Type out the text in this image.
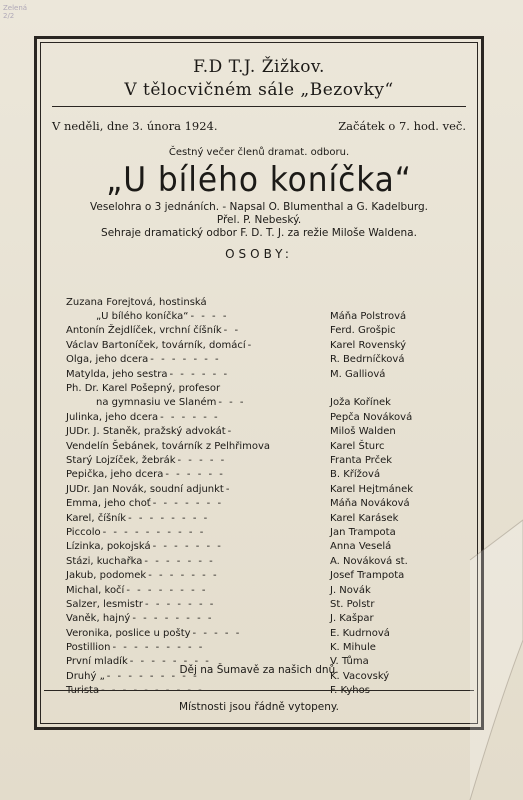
Zelená 2/2
F.D T.J. Žižkov.
V tělocvičném sále „Bezovky“
V neděli, dne 3. února 1924.	Začátek o 7. hod. več.
Čestný večer členů dramat. odboru.
„U bílého koníčka“
Veselohra o 3 jednáních. - Napsal O. Blumenthal a G. Kadelburg.
Přel. P. Nebeský.
Sehraje dramatický odbor F. D. T. J. za režie Miloše Waldena.
OSOBY:
Zuzana Forejtová, hostinská
„U bílého koníčka“ - - - -	Máňa Polstrová
Antonín Žejdlíček, vrchní číšník - -	Ferd. Grošpic
Václav Bartoníček, továrník, domácí -	Karel Rovenský
Olga, jeho dcera - - - - - - -	R. Bedrníčková
Matylda, jeho sestra - - - - - -	M. Galliová
Ph. Dr. Karel Pošepný, profesor
na gymnasiu ve Slaném - - -	Joža Kořínek
Julinka, jeho dcera - - - - - -	Pepča Nováková
JUDr. J. Staněk, pražský advokát -	Miloš Walden
Vendelín Šebánek, továrník z Pelhřimova	Karel Šturc
Starý Lojzíček, žebrák - - - - -	Franta Prček
Pepička, jeho dcera - - - - - -	B. Křížová
JUDr. Jan Novák, soudní adjunkt -	Karel Hejtmánek
Emma, jeho choť - - - - - - -	Máňa Nováková
Karel, číšník - - - - - - - -	Karel Karásek
Piccolo - - - - - - - - - -	Jan Trampota
Lízinka, pokojská - - - - - - -	Anna Veselá
Stázi, kuchařka - - - - - - -	A. Nováková st.
Jakub, podomek - - - - - - -	Josef Trampota
Michal, kočí - - - - - - - -	J. Novák
Salzer, lesmistr - - - - - - -	St. Polstr
Vaněk, hajný - - - - - - - -	J. Kašpar
Veronika, poslice u pošty - - - - -	E. Kudrnová
Postillion - - - - - - - - -	K. Mihule
První mladík - - - - - - - -	V. Tůma
Druhý „ - - - - - - - - -	K. Vacovský
Turista - - - - - - - - - -	F. Kyhos
Děj na Šumavě za našich dnů.
Místnosti jsou řádně vytopeny.
